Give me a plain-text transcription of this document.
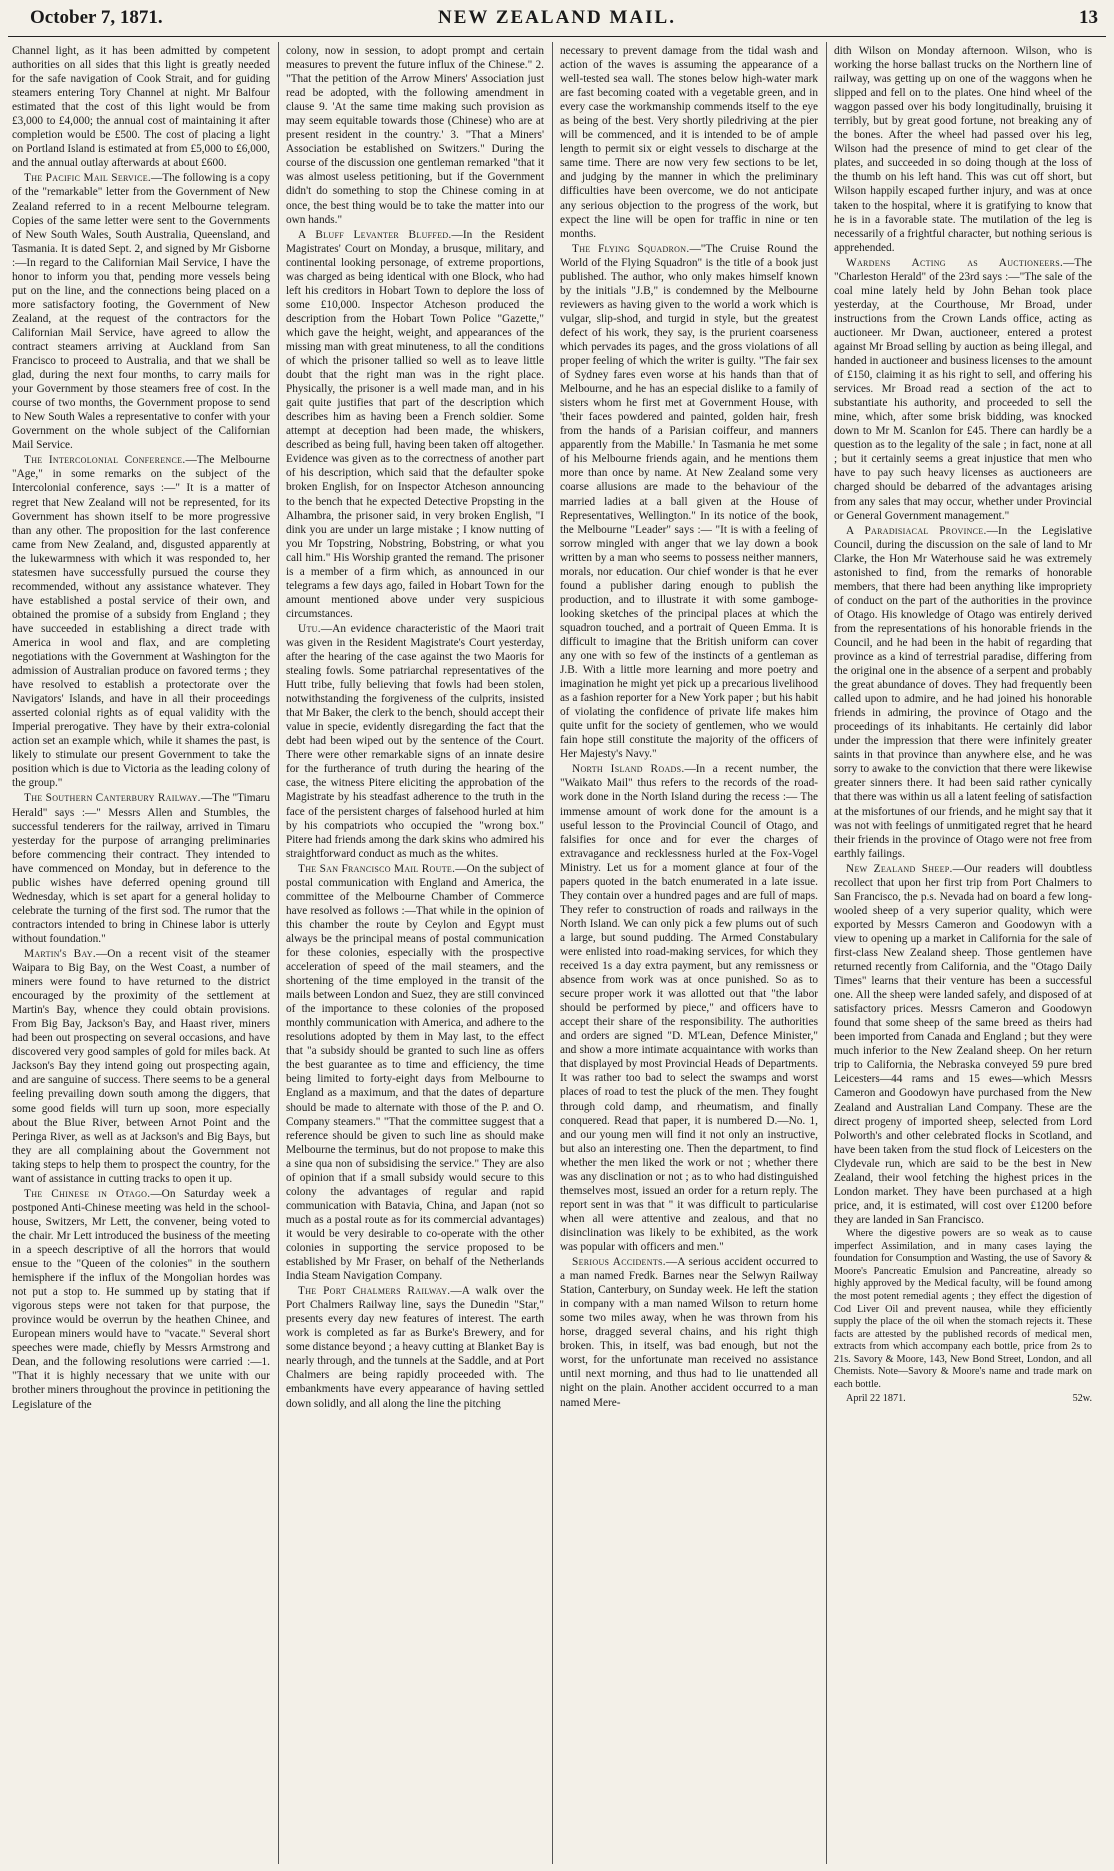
October 7, 1871.	NEW ZEALAND MAIL.	13

Channel light, as it has been admitted by competent authorities on all sides that this light is greatly needed for the safe navigation of Cook Strait, and for guiding steamers entering Tory Channel at night. Mr Balfour estimated that the cost of this light would be from £3,000 to £4,000; the annual cost of maintaining it after completion would be £500. The cost of placing a light on Portland Island is estimated at from £5,000 to £6,000, and the annual outlay afterwards at about £600.

The Pacific Mail Service.—The following is a copy of the "remarkable" letter from the Government of New Zealand referred to in a recent Melbourne telegram. Copies of the same letter were sent to the Governments of New South Wales, South Australia, Queensland, and Tasmania. It is dated Sept. 2, and signed by Mr Gisborne :—In regard to the Californian Mail Service, I have the honor to inform you that, pending more vessels being put on the line, and the connections being placed on a more satisfactory footing, the Government of New Zealand, at the request of the contractors for the Californian Mail Service, have agreed to allow the contract steamers arriving at Auckland from San Francisco to proceed to Australia, and that we shall be glad, during the next four months, to carry mails for your Government by those steamers free of cost. In the course of two months, the Government propose to send to New South Wales a representative to confer with your Government on the whole subject of the Californian Mail Service.

The Intercolonial Conference.—The Melbourne "Age," in some remarks on the subject of the Intercolonial conference, says :—" It is a matter of regret that New Zealand will not be represented, for its Government has shown itself to be more progressive than any other. The proposition for the last conference came from New Zealand, and, disgusted apparently at the lukewarmness with which it was responded to, her statesmen have successfully pursued the course they recommended, without any assistance whatever. They have established a postal service of their own, and obtained the promise of a subsidy from England ; they have succeeded in establishing a direct trade with America in wool and flax, and are completing negotiations with the Government at Washington for the admission of Australian produce on favored terms ; they have resolved to establish a protectorate over the Navigators' Islands, and have in all their proceedings asserted colonial rights as of equal validity with the Imperial prerogative. They have by their extra-colonial action set an example which, while it shames the past, is likely to stimulate our present Government to take the position which is due to Victoria as the leading colony of the group."

The Southern Canterbury Railway.—The "Timaru Herald" says :—" Messrs Allen and Stumbles, the successful tenderers for the railway, arrived in Timaru yesterday for the purpose of arranging preliminaries before commencing their contract. They intended to have commenced on Monday, but in deference to the public wishes have deferred opening ground till Wednesday, which is set apart for a general holiday to celebrate the turning of the first sod. The rumor that the contractors intended to bring in Chinese labor is utterly without foundation."

Martin's Bay.—On a recent visit of the steamer Waipara to Big Bay, on the West Coast, a number of miners were found to have returned to the district encouraged by the proximity of the settlement at Martin's Bay, whence they could obtain provisions. From Big Bay, Jackson's Bay, and Haast river, miners had been out prospecting on several occasions, and have discovered very good samples of gold for miles back. At Jackson's Bay they intend going out prospecting again, and are sanguine of success. There seems to be a general feeling prevailing down south among the diggers, that some good fields will turn up soon, more especially about the Blue River, between Arnot Point and the Peringa River, as well as at Jackson's and Big Bays, but they are all complaining about the Government not taking steps to help them to prospect the country, for the want of assistance in cutting tracks to open it up.

The Chinese in Otago.—On Saturday week a postponed Anti-Chinese meeting was held in the school-house, Switzers, Mr Lett, the convener, being voted to the chair. Mr Lett introduced the business of the meeting in a speech descriptive of all the horrors that would ensue to the "Queen of the colonies" in the southern hemisphere if the influx of the Mongolian hordes was not put a stop to. He summed up by stating that if vigorous steps were not taken for that purpose, the province would be overrun by the heathen Chinee, and European miners would have to "vacate." Several short speeches were made, chiefly by Messrs Armstrong and Dean, and the following resolutions were carried :—1. "That it is highly necessary that we unite with our brother miners throughout the province in petitioning the Legislature of the

colony, now in session, to adopt prompt and certain measures to prevent the future influx of the Chinese." 2. "That the petition of the Arrow Miners' Association just read be adopted, with the following amendment in clause 9. 'At the same time making such provision as may seem equitable towards those (Chinese) who are at present resident in the country.' 3. "That a Miners' Association be established on Switzers." During the course of the discussion one gentleman remarked "that it was almost useless petitioning, but if the Government didn't do something to stop the Chinese coming in at once, the best thing would be to take the matter into our own hands."

A Bluff Levanter Bluffed.—In the Resident Magistrates' Court on Monday, a brusque, military, and continental looking personage, of extreme proportions, was charged as being identical with one Block, who had left his creditors in Hobart Town to deplore the loss of some £10,000. Inspector Atcheson produced the description from the Hobart Town Police "Gazette," which gave the height, weight, and appearances of the missing man with great minuteness, to all the conditions of which the prisoner tallied so well as to leave little doubt that the right man was in the right place. Physically, the prisoner is a well made man, and in his gait quite justifies that part of the description which describes him as having been a French soldier. Some attempt at deception had been made, the whiskers, described as being full, having been taken off altogether. Evidence was given as to the correctness of another part of his description, which said that the defaulter spoke broken English, for on Inspector Atcheson announcing to the bench that he expected Detective Propsting in the Alhambra, the prisoner said, in very broken English, "I dink you are under un large mistake ; I know nutting of you Mr Topstring, Nobstring, Bobstring, or what you call him." His Worship granted the remand. The prisoner is a member of a firm which, as announced in our telegrams a few days ago, failed in Hobart Town for the amount mentioned above under very suspicious circumstances.

Utu.—An evidence characteristic of the Maori trait was given in the Resident Magistrate's Court yesterday, after the hearing of the case against the two Maoris for stealing fowls. Some patriarchal representatives of the Hutt tribe, fully believing that fowls had been stolen, notwithstanding the forgiveness of the culprits, insisted that Mr Baker, the clerk to the bench, should accept their value in specie, evidently disregarding the fact that the debt had been wiped out by the sentence of the Court. There were other remarkable signs of an innate desire for the furtherance of truth during the hearing of the case, the witness Pitere eliciting the approbation of the Magistrate by his steadfast adherence to the truth in the face of the persistent charges of falsehood hurled at him by his compatriots who occupied the "wrong box." Pitere had friends among the dark skins who admired his straightforward conduct as much as the whites.

The San Francisco Mail Route.—On the subject of postal communication with England and America, the committee of the Melbourne Chamber of Commerce have resolved as follows :—That while in the opinion of this chamber the route by Ceylon and Egypt must always be the principal means of postal communication for these colonies, especially with the prospective acceleration of speed of the mail steamers, and the shortening of the time employed in the transit of the mails between London and Suez, they are still convinced of the importance to these colonies of the proposed monthly communication with America, and adhere to the resolutions adopted by them in May last, to the effect that "a subsidy should be granted to such line as offers the best guarantee as to time and efficiency, the time being limited to forty-eight days from Melbourne to England as a maximum, and that the dates of departure should be made to alternate with those of the P. and O. Company steamers." "That the committee suggest that a reference should be given to such line as should make Melbourne the terminus, but do not propose to make this a sine qua non of subsidising the service." They are also of opinion that if a small subsidy would secure to this colony the advantages of regular and rapid communication with Batavia, China, and Japan (not so much as a postal route as for its commercial advantages) it would be very desirable to co-operate with the other colonies in supporting the service proposed to be established by Mr Fraser, on behalf of the Netherlands India Steam Navigation Company.

The Port Chalmers Railway.—A walk over the Port Chalmers Railway line, says the Dunedin "Star," presents every day new features of interest. The earth work is completed as far as Burke's Brewery, and for some distance beyond ; a heavy cutting at Blanket Bay is nearly through, and the tunnels at the Saddle, and at Port Chalmers are being rapidly proceeded with. The embankments have every appearance of having settled down solidly, and all along the line the pitching

necessary to prevent damage from the tidal wash and action of the waves is assuming the appearance of a well-tested sea wall. The stones below high-water mark are fast becoming coated with a vegetable green, and in every case the workmanship commends itself to the eye as being of the best. Very shortly piledriving at the pier will be commenced, and it is intended to be of ample length to permit six or eight vessels to discharge at the same time. There are now very few sections to be let, and judging by the manner in which the preliminary difficulties have been overcome, we do not anticipate any serious objection to the progress of the work, but expect the line will be open for traffic in nine or ten months.

The Flying Squadron.—"The Cruise Round the World of the Flying Squadron" is the title of a book just published. The author, who only makes himself known by the initials "J.B," is condemned by the Melbourne reviewers as having given to the world a work which is vulgar, slip-shod, and turgid in style, but the greatest defect of his work, they say, is the prurient coarseness which pervades its pages, and the gross violations of all proper feeling of which the writer is guilty. "The fair sex of Sydney fares even worse at his hands than that of Melbourne, and he has an especial dislike to a family of sisters whom he first met at Government House, with 'their faces powdered and painted, golden hair, fresh from the hands of a Parisian coiffeur, and manners apparently from the Mabille.' In Tasmania he met some of his Melbourne friends again, and he mentions them more than once by name. At New Zealand some very coarse allusions are made to the behaviour of the married ladies at a ball given at the House of Representatives, Wellington." In its notice of the book, the Melbourne "Leader" says :— "It is with a feeling of sorrow mingled with anger that we lay down a book written by a man who seems to possess neither manners, morals, nor education. Our chief wonder is that he ever found a publisher daring enough to publish the production, and to illustrate it with some gamboge-looking sketches of the principal places at which the squadron touched, and a portrait of Queen Emma. It is difficult to imagine that the British uniform can cover any one with so few of the instincts of a gentleman as J.B. With a little more learning and more poetry and imagination he might yet pick up a precarious livelihood as a fashion reporter for a New York paper ; but his habit of violating the confidence of private life makes him quite unfit for the society of gentlemen, who we would fain hope still constitute the majority of the officers of Her Majesty's Navy."

North Island Roads.—In a recent number, the "Waikato Mail" thus refers to the records of the road-work done in the North Island during the recess :— The immense amount of work done for the amount is a useful lesson to the Provincial Council of Otago, and falsifies for once and for ever the charges of extravagance and recklessness hurled at the Fox-Vogel Ministry. Let us for a moment glance at four of the papers quoted in the batch enumerated in a late issue. They contain over a hundred pages and are full of maps. They refer to construction of roads and railways in the North Island. We can only pick a few plums out of such a large, but sound pudding. The Armed Constabulary were enlisted into road-making services, for which they received 1s a day extra payment, but any remissness or absence from work was at once punished. So as to secure proper work it was allotted out that "the labor should be performed by piece," and officers have to accept their share of the responsibility. The authorities and orders are signed "D. M'Lean, Defence Minister," and show a more intimate acquaintance with works than that displayed by most Provincial Heads of Departments. It was rather too bad to select the swamps and worst places of road to test the pluck of the men. They fought through cold damp, and rheumatism, and finally conquered. Read that paper, it is numbered D.—No. 1, and our young men will find it not only an instructive, but also an interesting one. Then the department, to find whether the men liked the work or not ; whether there was any disclination or not ; as to who had distinguished themselves most, issued an order for a return reply. The report sent in was that " it was difficult to particularise when all were attentive and zealous, and that no disinclination was likely to be exhibited, as the work was popular with officers and men."

Serious Accidents.—A serious accident occurred to a man named Fredk. Barnes near the Selwyn Railway Station, Canterbury, on Sunday week. He left the station in company with a man named Wilson to return home some two miles away, when he was thrown from his horse, dragged several chains, and his right thigh broken. This, in itself, was bad enough, but not the worst, for the unfortunate man received no assistance until next morning, and thus had to lie unattended all night on the plain. Another accident occurred to a man named Mere-

dith Wilson on Monday afternoon. Wilson, who is working the horse ballast trucks on the Northern line of railway, was getting up on one of the waggons when he slipped and fell on to the plates. One hind wheel of the waggon passed over his body longitudinally, bruising it terribly, but by great good fortune, not breaking any of the bones. After the wheel had passed over his leg, Wilson had the presence of mind to get clear of the plates, and succeeded in so doing though at the loss of the thumb on his left hand. This was cut off short, but Wilson happily escaped further injury, and was at once taken to the hospital, where it is gratifying to know that he is in a favorable state. The mutilation of the leg is necessarily of a frightful character, but nothing serious is apprehended.

Wardens Acting as Auctioneers.—The "Charleston Herald" of the 23rd says :—"The sale of the coal mine lately held by John Behan took place yesterday, at the Courthouse, Mr Broad, under instructions from the Crown Lands office, acting as auctioneer. Mr Dwan, auctioneer, entered a protest against Mr Broad selling by auction as being illegal, and handed in auctioneer and business licenses to the amount of £150, claiming it as his right to sell, and offering his services. Mr Broad read a section of the act to substantiate his authority, and proceeded to sell the mine, which, after some brisk bidding, was knocked down to Mr M. Scanlon for £45. There can hardly be a question as to the legality of the sale ; in fact, none at all ; but it certainly seems a great injustice that men who have to pay such heavy licenses as auctioneers are charged should be debarred of the advantages arising from any sales that may occur, whether under Provincial or General Government management."

A Paradisiacal Province.—In the Legislative Council, during the discussion on the sale of land to Mr Clarke, the Hon Mr Waterhouse said he was extremely astonished to find, from the remarks of honorable members, that there had been anything like impropriety of conduct on the part of the authorities in the province of Otago. His knowledge of Otago was entirely derived from the representations of his honorable friends in the Council, and he had been in the habit of regarding that province as a kind of terrestrial paradise, differing from the original one in the absence of a serpent and probably the great abundance of doves. They had frequently been called upon to admire, and he had joined his honorable friends in admiring, the province of Otago and the proceedings of its inhabitants. He certainly did labor under the impression that there were infinitely greater saints in that province than anywhere else, and he was sorry to awake to the conviction that there were likewise greater sinners there. It had been said rather cynically that there was within us all a latent feeling of satisfaction at the misfortunes of our friends, and he might say that it was not with feelings of unmitigated regret that he heard their friends in the province of Otago were not free from earthly failings.

New Zealand Sheep.—Our readers will doubtless recollect that upon her first trip from Port Chalmers to San Francisco, the p.s. Nevada had on board a few long-wooled sheep of a very superior quality, which were exported by Messrs Cameron and Goodowyn with a view to opening up a market in California for the sale of first-class New Zealand sheep. Those gentlemen have returned recently from California, and the "Otago Daily Times" learns that their venture has been a successful one. All the sheep were landed safely, and disposed of at satisfactory prices. Messrs Cameron and Goodowyn found that some sheep of the same breed as theirs had been imported from Canada and England ; but they were much inferior to the New Zealand sheep. On her return trip to California, the Nebraska conveyed 59 pure bred Leicesters—44 rams and 15 ewes—which Messrs Cameron and Goodowyn have purchased from the New Zealand and Australian Land Company. These are the direct progeny of imported sheep, selected from Lord Polworth's and other celebrated flocks in Scotland, and have been taken from the stud flock of Leicesters on the Clydevale run, which are said to be the best in New Zealand, their wool fetching the highest prices in the London market. They have been purchased at a high price, and, it is estimated, will cost over £1200 before they are landed in San Francisco.

Where the digestive powers are so weak as to cause imperfect Assimilation, and in many cases laying the foundation for Consumption and Wasting, the use of Savory & Moore's Pancreatic Emulsion and Pancreatine, already so highly approved by the Medical faculty, will be found among the most potent remedial agents ; they effect the digestion of Cod Liver Oil and prevent nausea, while they efficiently supply the place of the oil when the stomach rejects it. These facts are attested by the published records of medical men, extracts from which accompany each bottle, price from 2s to 21s. Savory & Moore, 143, New Bond Street, London, and all Chemists. Note—Savory & Moore's name and trade mark on each bottle.

April 22 1871.	52w.
